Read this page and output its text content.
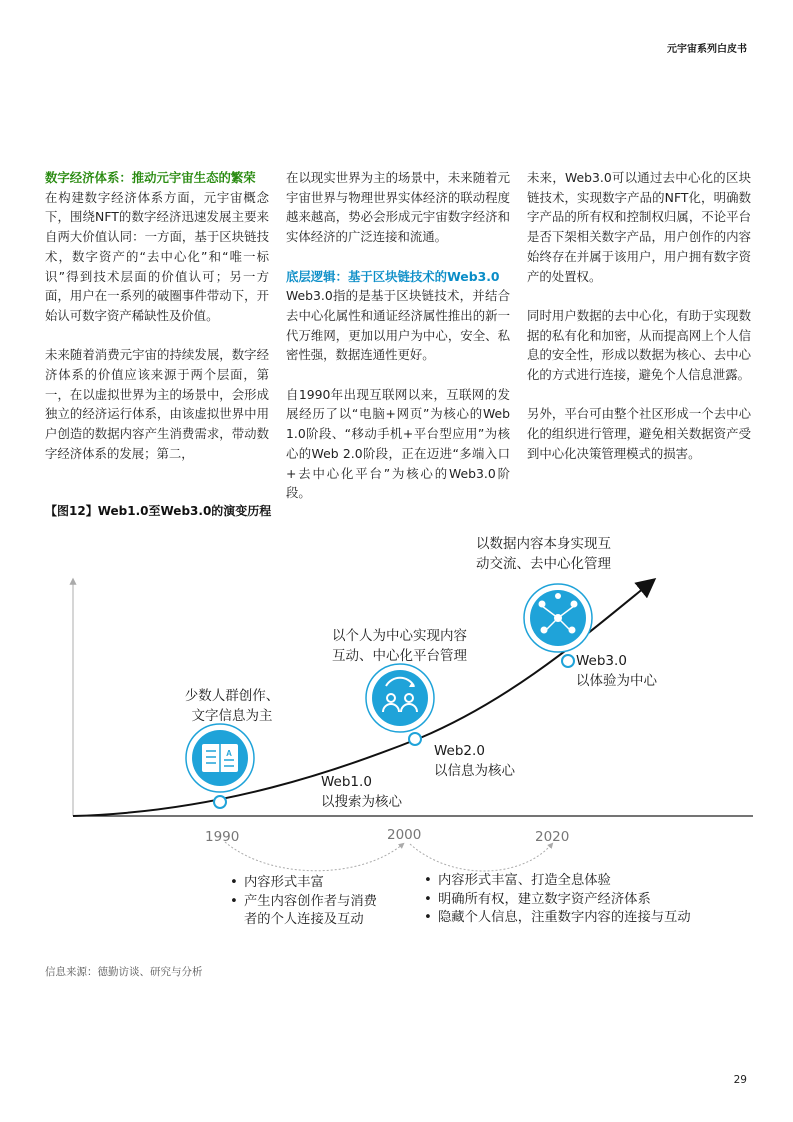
元宇宙系列白皮书

数字经济体系：推动元宇宙生态的繁荣
在构建数字经济体系方面，元宇宙概念下，围绕NFT的数字经济迅速发展主要来自两大价值认同：一方面，基于区块链技术，数字资产的“去中心化”和“唯一标识”得到技术层面的价值认可；另一方面，用户在一系列的破圈事件带动下，开始认可数字资产稀缺性及价值。

未来随着消费元宇宙的持续发展，数字经济体系的价值应该来源于两个层面，第一，在以虚拟世界为主的场景中，会形成独立的经济运行体系，由该虚拟世界中用户创造的数据内容产生消费需求，带动数字经济体系的发展；第二，

在以现实世界为主的场景中，未来随着元宇宙世界与物理世界实体经济的联动程度越来越高，势必会形成元宇宙数字经济和实体经济的广泛连接和流通。

底层逻辑：基于区块链技术的Web3.0
Web3.0指的是基于区块链技术，并结合去中心化属性和通证经济属性推出的新一代万维网，更加以用户为中心，安全、私密性强，数据连通性更好。

自1990年出现互联网以来，互联网的发展经历了以“电脑+网页”为核心的Web 1.0阶段、“移动手机+平台型应用”为核心的Web 2.0阶段，正在迈进“多端入口+去中心化平台”为核心的Web3.0阶段。

未来，Web3.0可以通过去中心化的区块链技术，实现数字产品的NFT化，明确数字产品的所有权和控制权归属，不论平台是否下架相关数字产品，用户创作的内容始终存在并属于该用户，用户拥有数字资产的处置权。

同时用户数据的去中心化，有助于实现数据的私有化和加密，从而提高网上个人信息的安全性，形成以数据为核心、去中心化的方式进行连接，避免个人信息泄露。

另外，平台可由整个社区形成一个去中心化的组织进行管理，避免相关数据资产受到中心化决策管理模式的损害。

【图12】Web1.0至Web3.0的演变历程
A
以数据内容本身实现互
动交流、去中心化管理
以个人为中心实现内容
互动、中心化平台管理
少数人群创作、
文字信息为主
Web3.0
以体验为中心
Web2.0
以信息为核心
Web1.0
以搜索为核心
1990	2000	2020
• 内容形式丰富
• 产生内容创作者与消费
者的个人连接及互动
• 内容形式丰富、打造全息体验
• 明确所有权，建立数字资产经济体系
• 隐藏个人信息，注重数字内容的连接与互动
信息来源：德勤访谈、研究与分析
29
